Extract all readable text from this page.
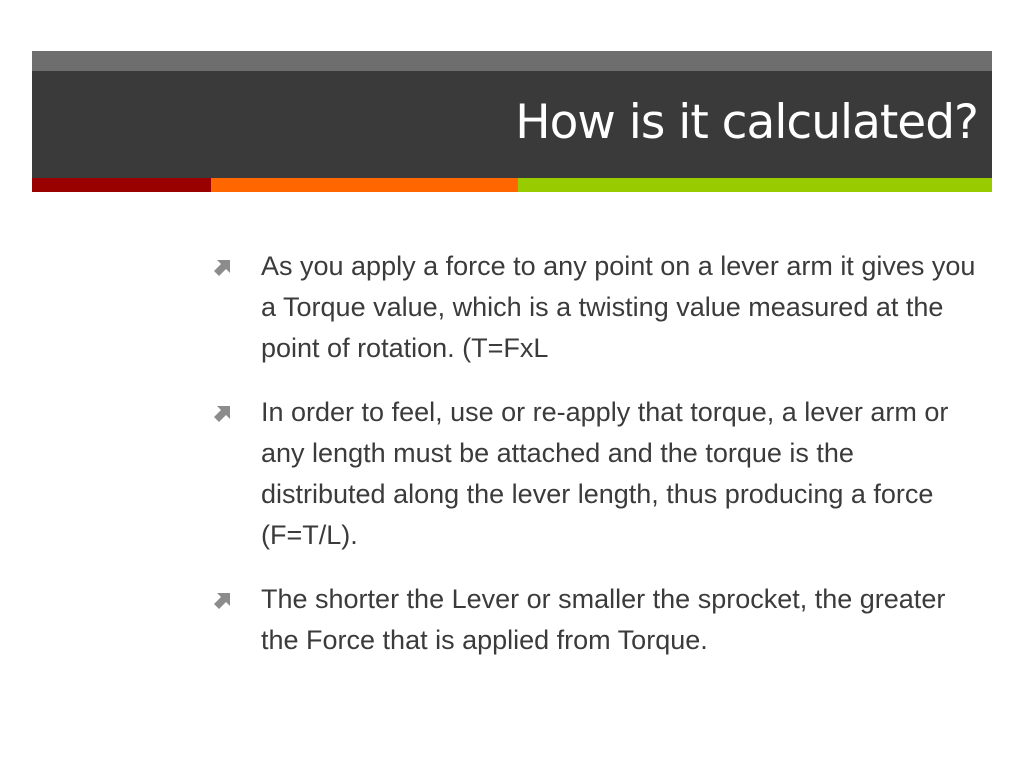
How is it calculated?
As you apply a force to any point on a lever arm it gives you a Torque value, which is a twisting value measured at the point of rotation. (T=FxL
In order to feel, use or re-apply that torque, a lever arm or any length must be attached and the torque is the distributed along the lever length, thus producing a force (F=T/L).
The shorter the Lever or smaller the sprocket, the greater the Force that is applied from Torque.
